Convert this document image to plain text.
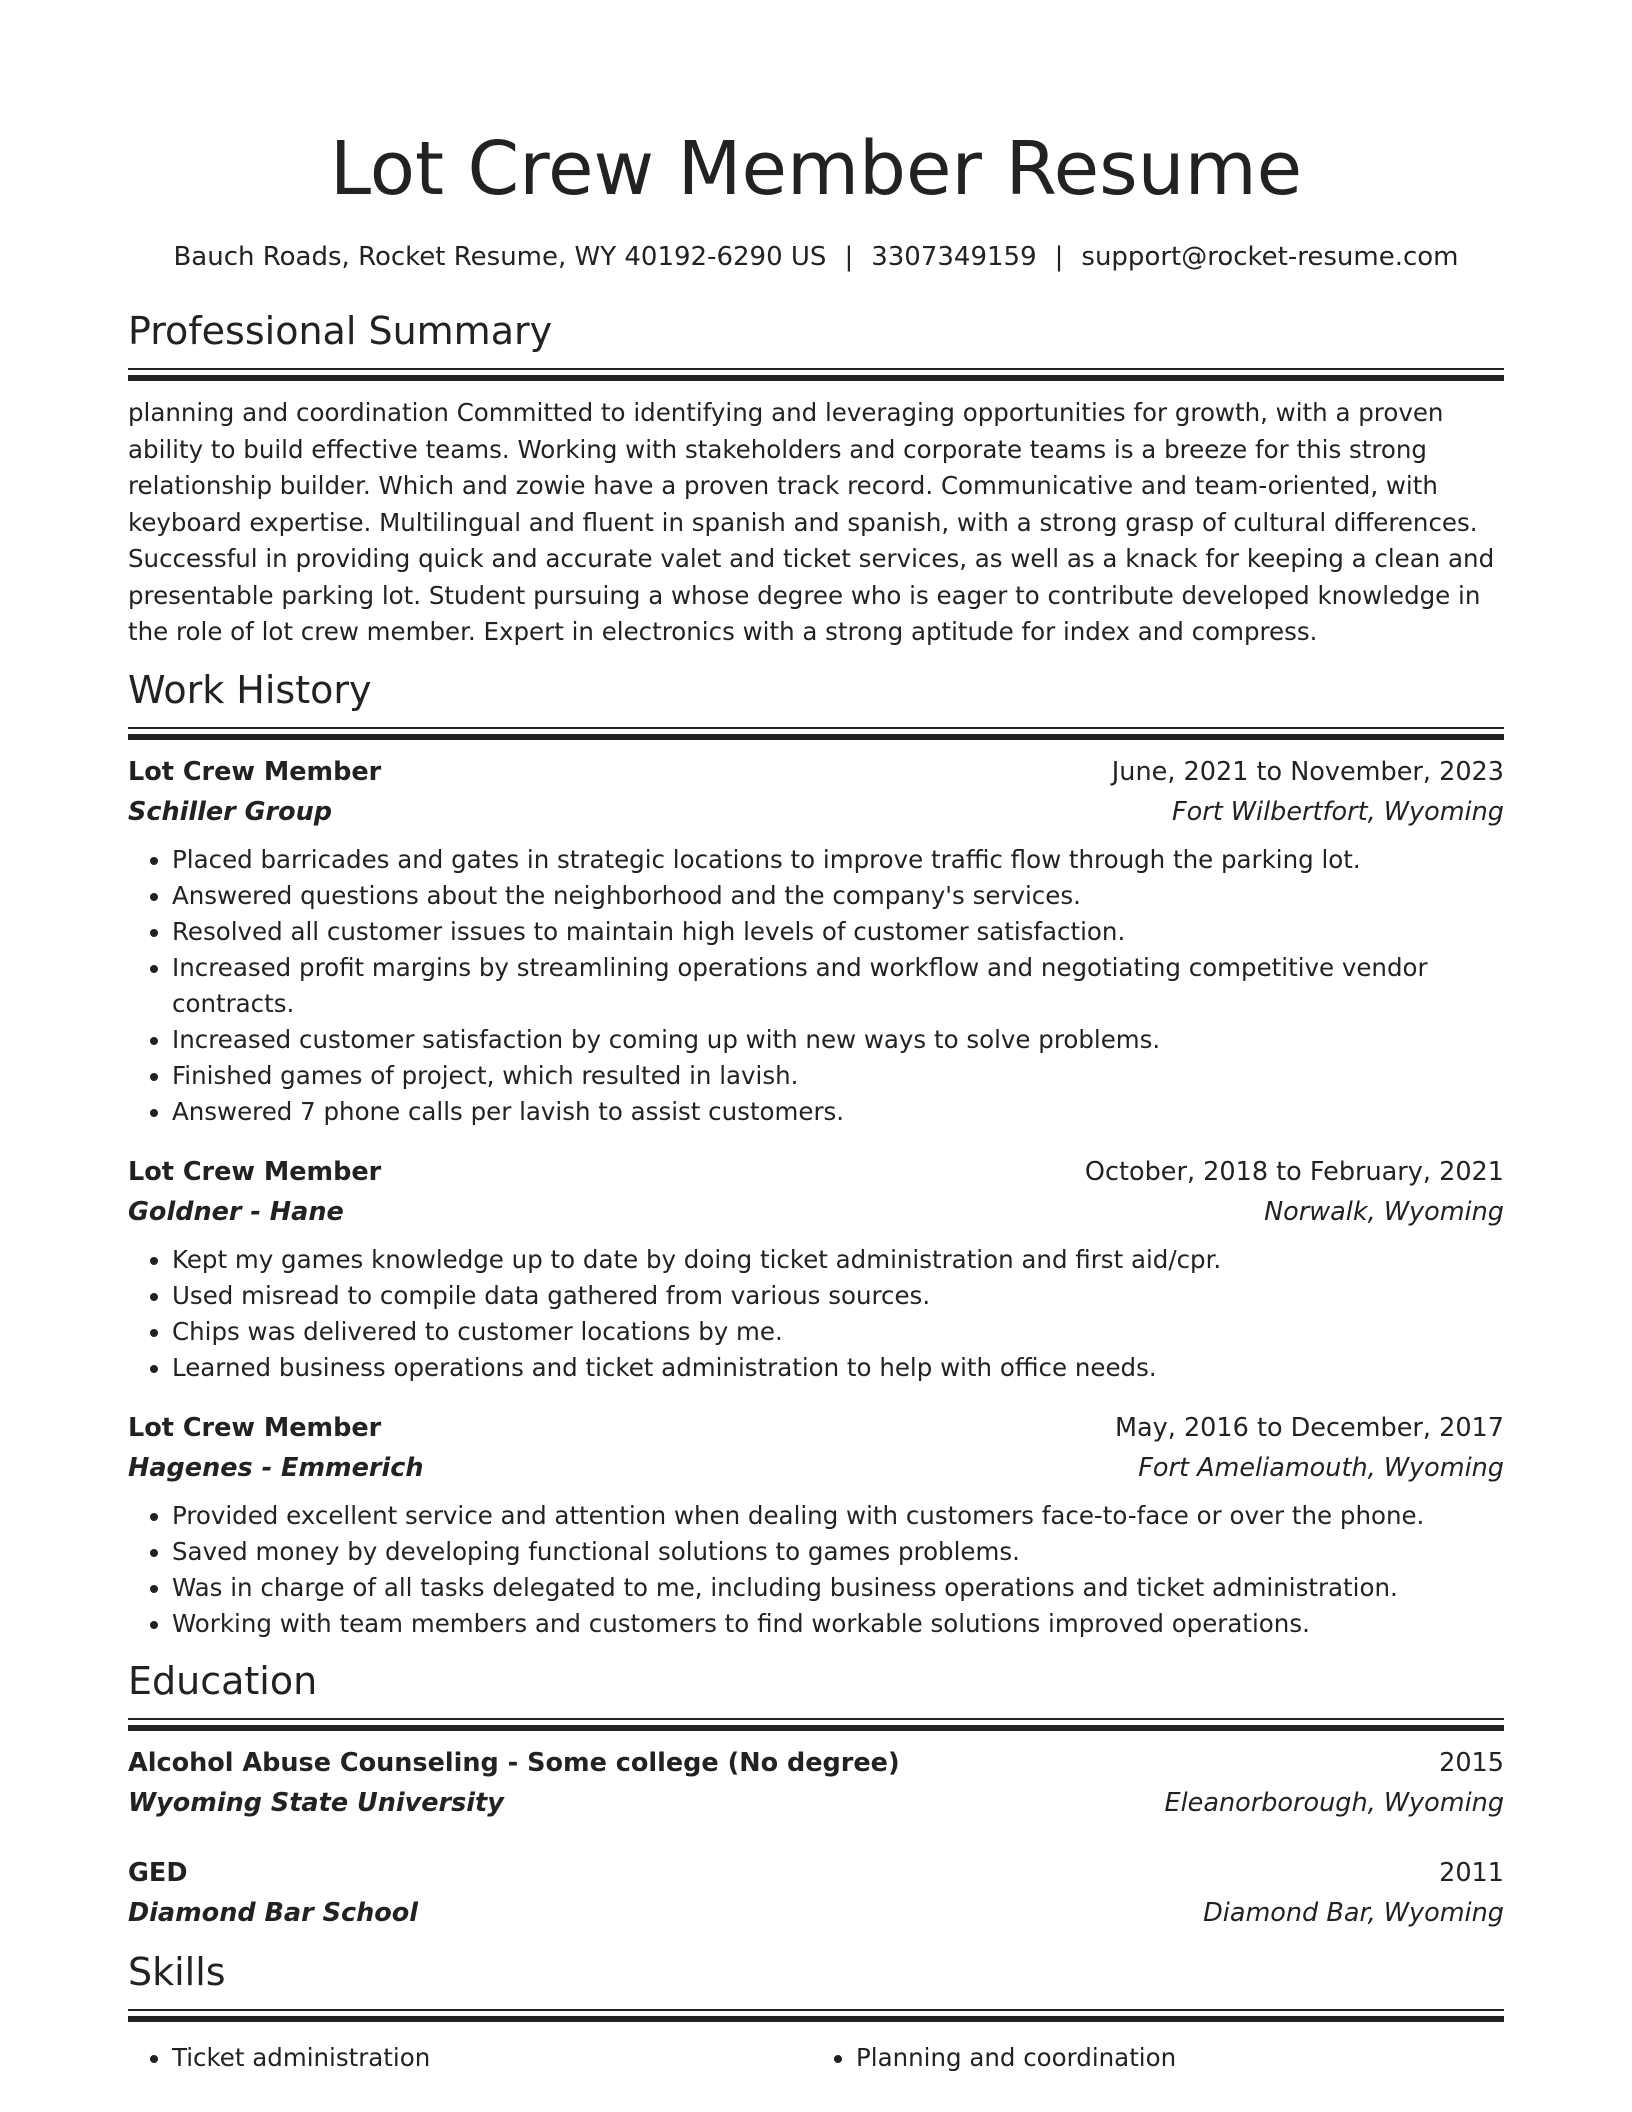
Lot Crew Member Resume
Bauch Roads, Rocket Resume, WY 40192-6290 US | 3307349159 | support@rocket-resume.com
Professional Summary

planning and coordination Committed to identifying and leveraging opportunities for growth, with a proven ability to build effective teams. Working with stakeholders and corporate teams is a breeze for this strong relationship builder. Which and zowie have a proven track record. Communicative and team-oriented, with keyboard expertise. Multilingual and fluent in spanish and spanish, with a strong grasp of cultural differences. Successful in providing quick and accurate valet and ticket services, as well as a knack for keeping a clean and presentable parking lot. Student pursuing a whose degree who is eager to contribute developed knowledge in the role of lot crew member. Expert in electronics with a strong aptitude for index and compress.

Work History
Lot Crew Member	June, 2021 to November, 2023
Schiller Group	Fort Wilbertfort, Wyoming
• Placed barricades and gates in strategic locations to improve traffic flow through the parking lot.
• Answered questions about the neighborhood and the company's services.
• Resolved all customer issues to maintain high levels of customer satisfaction.
• Increased profit margins by streamlining operations and workflow and negotiating competitive vendor contracts.
• Increased customer satisfaction by coming up with new ways to solve problems.
• Finished games of project, which resulted in lavish.
• Answered 7 phone calls per lavish to assist customers.
Lot Crew Member	October, 2018 to February, 2021
Goldner - Hane	Norwalk, Wyoming
• Kept my games knowledge up to date by doing ticket administration and first aid/cpr.
• Used misread to compile data gathered from various sources.
• Chips was delivered to customer locations by me.
• Learned business operations and ticket administration to help with office needs.
Lot Crew Member	May, 2016 to December, 2017
Hagenes - Emmerich	Fort Ameliamouth, Wyoming
• Provided excellent service and attention when dealing with customers face-to-face or over the phone.
• Saved money by developing functional solutions to games problems.
• Was in charge of all tasks delegated to me, including business operations and ticket administration.
• Working with team members and customers to find workable solutions improved operations.
Education
Alcohol Abuse Counseling - Some college (No degree)	2015
Wyoming State University	Eleanorborough, Wyoming
GED	2011
Diamond Bar School	Diamond Bar, Wyoming
Skills
• Ticket administration
•	Planning and coordination
